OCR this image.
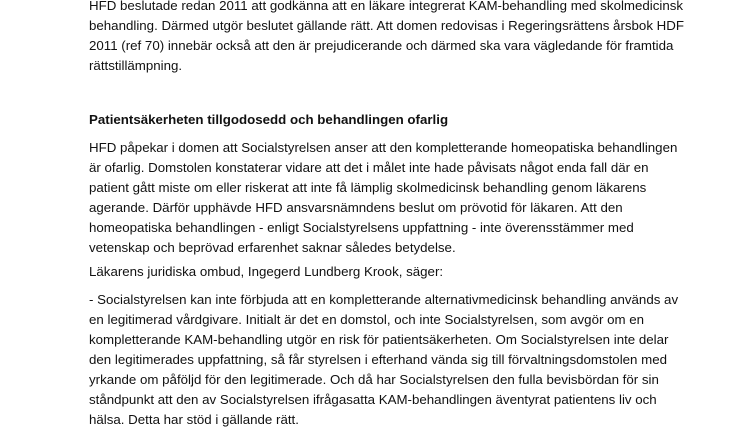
HFD beslutade redan 2011 att godkänna att en läkare integrerat KAM-behandling med skolmedicinsk
behandling. Därmed utgör beslutet gällande rätt. Att domen redovisas i Regeringsrättens årsbok HDF
2011 (ref 70) innebär också att den är prejudicerande och därmed ska vara vägledande för framtida
rättstillämpning.
Patientsäkerheten tillgodosedd och behandlingen ofarlig
HFD påpekar i domen att Socialstyrelsen anser att den kompletterande homeopatiska behandlingen
är ofarlig. Domstolen konstaterar vidare att det i målet inte hade påvisats något enda fall där en
patient gått miste om eller riskerat att inte få lämplig skolmedicinsk behandling genom läkarens
agerande. Därför upphävde HFD ansvarsnämndens beslut om prövotid för läkaren. Att den
homeopatiska behandlingen - enligt Socialstyrelsens uppfattning - inte överensstämmer med
vetenskap och beprövad erfarenhet saknar således betydelse.
Läkarens juridiska ombud, Ingegerd Lundberg Krook, säger:
- Socialstyrelsen kan inte förbjuda att en kompletterande alternativmedicinsk behandling används av
en legitimerad vårdgivare. Initialt är det en domstol, och inte Socialstyrelsen, som avgör om en
kompletterande KAM-behandling utgör en risk för patientsäkerheten. Om Socialstyrelsen inte delar
den legitimerades uppfattning, så får styrelsen i efterhand vända sig till förvaltningsdomstolen med
yrkande om påföljd för den legitimerade. Och då har Socialstyrelsen den fulla bevisbördan för sin
ståndpunkt att den av Socialstyrelsen ifrågasatta KAM-behandlingen äventyrat patientens liv och
hälsa. Detta har stöd i gällande rätt.
